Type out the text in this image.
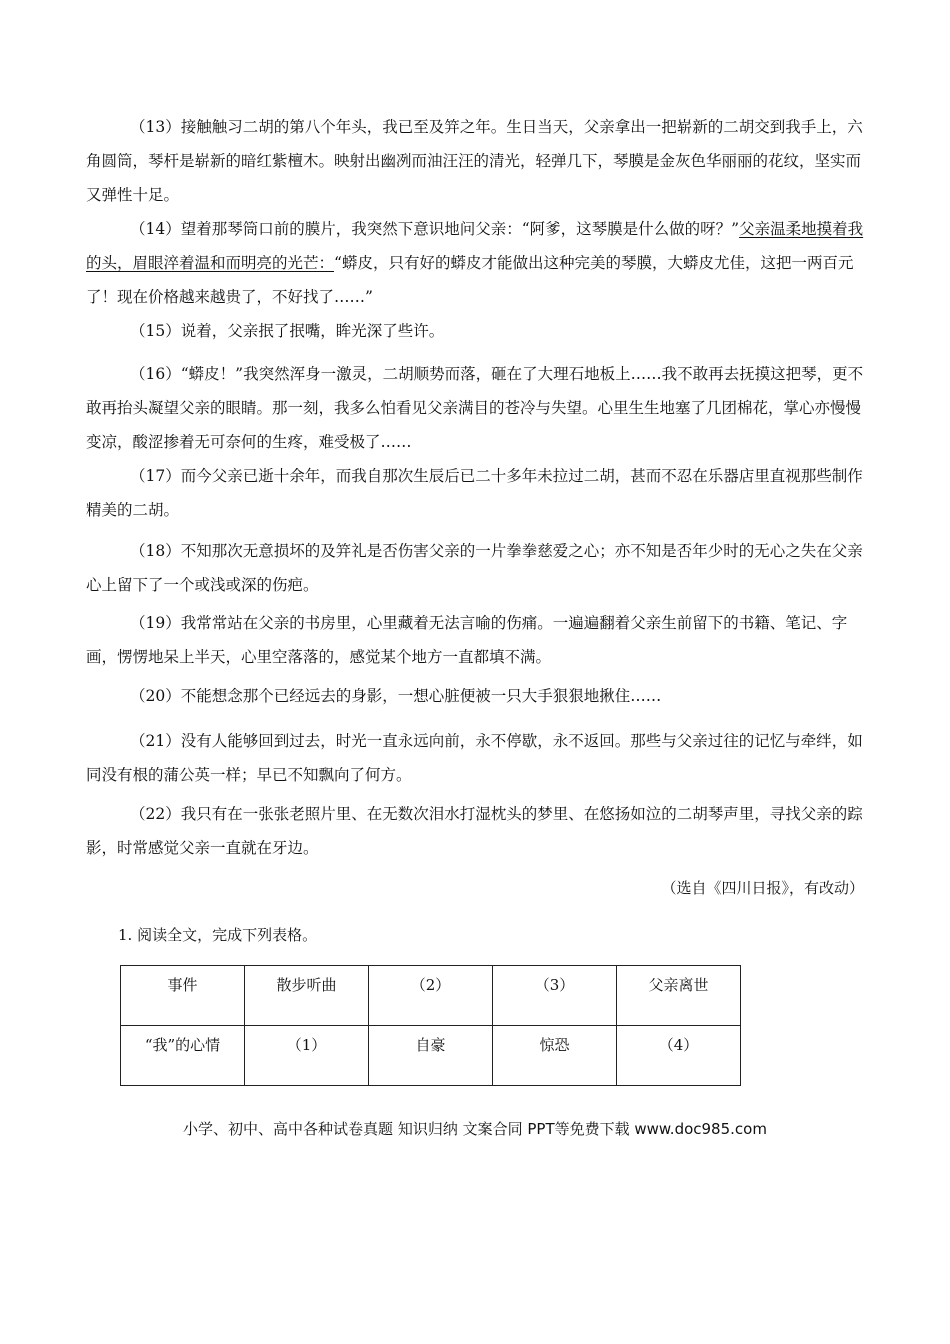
（13）接触触习二胡的第八个年头，我已至及笄之年。生日当天，父亲拿出一把崭新的二胡交到我手上，六角圆筒，琴杆是崭新的暗红紫檀木。映射出幽冽而油汪汪的清光，轻弹几下，琴膜是金灰色华丽丽的花纹，坚实而又弹性十足。

（14）望着那琴筒口前的膜片，我突然下意识地问父亲：“阿爹，这琴膜是什么做的呀？”父亲温柔地摸着我的头，眉眼淬着温和而明亮的光芒：“蟒皮，只有好的蟒皮才能做出这种完美的琴膜，大蟒皮尤佳，这把一两百元了！现在价格越来越贵了，不好找了……”

（15）说着，父亲抿了抿嘴，眸光深了些许。

（16）“蟒皮！”我突然浑身一激灵，二胡顺势而落，砸在了大理石地板上……我不敢再去抚摸这把琴，更不敢再抬头凝望父亲的眼睛。那一刻，我多么怕看见父亲满目的苍冷与失望。心里生生地塞了几团棉花，掌心亦慢慢变凉，酸涩掺着无可奈何的生疼，难受极了……

（17）而今父亲已逝十余年，而我自那次生辰后已二十多年未拉过二胡，甚而不忍在乐器店里直视那些制作精美的二胡。

（18）不知那次无意损坏的及笄礼是否伤害父亲的一片拳拳慈爱之心；亦不知是否年少时的无心之失在父亲心上留下了一个或浅或深的伤疤。

（19）我常常站在父亲的书房里，心里藏着无法言喻的伤痛。一遍遍翻着父亲生前留下的书籍、笔记、字画，愣愣地呆上半天，心里空落落的，感觉某个地方一直都填不满。

（20）不能想念那个已经远去的身影，一想心脏便被一只大手狠狠地揪住……

（21）没有人能够回到过去，时光一直永远向前，永不停歇，永不返回。那些与父亲过往的记忆与牵绊，如同没有根的蒲公英一样；早已不知飘向了何方。

（22）我只有在一张张老照片里、在无数次泪水打湿枕头的梦里、在悠扬如泣的二胡琴声里，寻找父亲的踪影，时常感觉父亲一直就在牙边。

（选自《四川日报》，有改动）
1. 阅读全文，完成下列表格。
事件	散步听曲	（2）	（3）	父亲离世
“我”的心情	（1）	自豪	惊恐	（4）
小学、初中、高中各种试卷真题 知识归纳 文案合同 PPT等免费下载 www.doc985.com
